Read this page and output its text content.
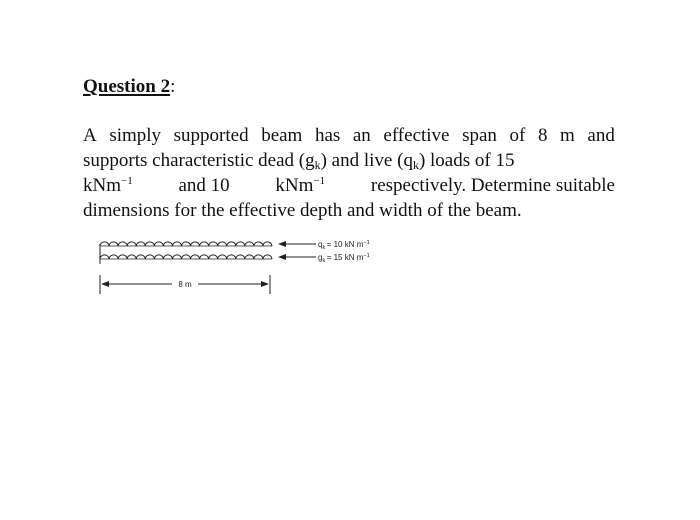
Question 2:
A simply supported beam has an effective span of 8 m and
supports characteristic dead $(g_k)$ and live $(q_k)$ loads of 15
kNm$^{-1}$ and 10 kNm$^{-1}$ respectively. Determine suitable
dimensions for the effective depth and width of the beam.
$q_k = 10$ kN $m^{-1}$
$g_k = 15$ kN $m^{-1}$
8 m
